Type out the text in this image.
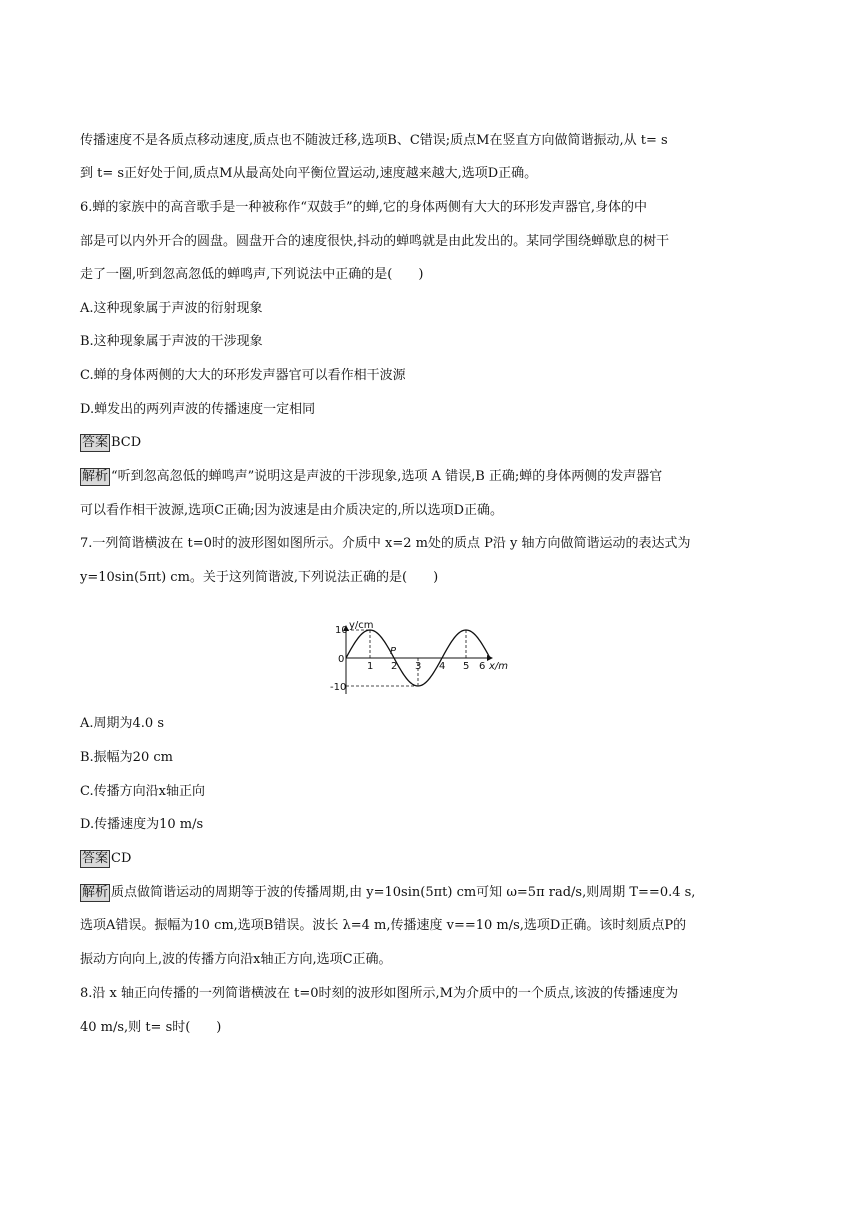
传播速度不是各质点移动速度,质点也不随波迁移,选项B、C错误;质点M在竖直方向做简谐振动,从 t= s
到 t= s正好处于间,质点M从最高处向平衡位置运动,速度越来越大,选项D正确。
6.蝉的家族中的高音歌手是一种被称作“双鼓手”的蝉,它的身体两侧有大大的环形发声器官,身体的中
部是可以内外开合的圆盘。圆盘开合的速度很快,抖动的蝉鸣就是由此发出的。某同学围绕蝉歇息的树干
走了一圈,听到忽高忽低的蝉鸣声,下列说法中正确的是(　　)
A.这种现象属于声波的衍射现象
B.这种现象属于声波的干涉现象
C.蝉的身体两侧的大大的环形发声器官可以看作相干波源
D.蝉发出的两列声波的传播速度一定相同
答案 BCD
解析 “听到忽高忽低的蝉鸣声”说明这是声波的干涉现象,选项 A 错误,B 正确;蝉的身体两侧的发声器官
可以看作相干波源,选项C正确;因为波速是由介质决定的,所以选项D正确。
7.一列简谐横波在 t=0时的波形图如图所示。介质中 x=2 m处的质点 P沿 y 轴方向做简谐运动的表达式为
y=10sin(5πt) cm。关于这列简谐波,下列说法正确的是(　　)
y/cm
10
0
-10
P
1 2 3 4 5 6 x/m
A.周期为4.0 s
B.振幅为20 cm
C.传播方向沿x轴正向
D.传播速度为10 m/s
答案 CD
解析 质点做简谐运动的周期等于波的传播周期,由 y=10sin(5πt) cm可知 ω=5π rad/s,则周期 T==0.4 s,
选项A错误。振幅为10 cm,选项B错误。波长 λ=4 m,传播速度 v==10 m/s,选项D正确。该时刻质点P的
振动方向向上,波的传播方向沿x轴正方向,选项C正确。
8.沿 x 轴正向传播的一列简谐横波在 t=0时刻的波形如图所示,M为介质中的一个质点,该波的传播速度为
40 m/s,则 t= s时(　　)
